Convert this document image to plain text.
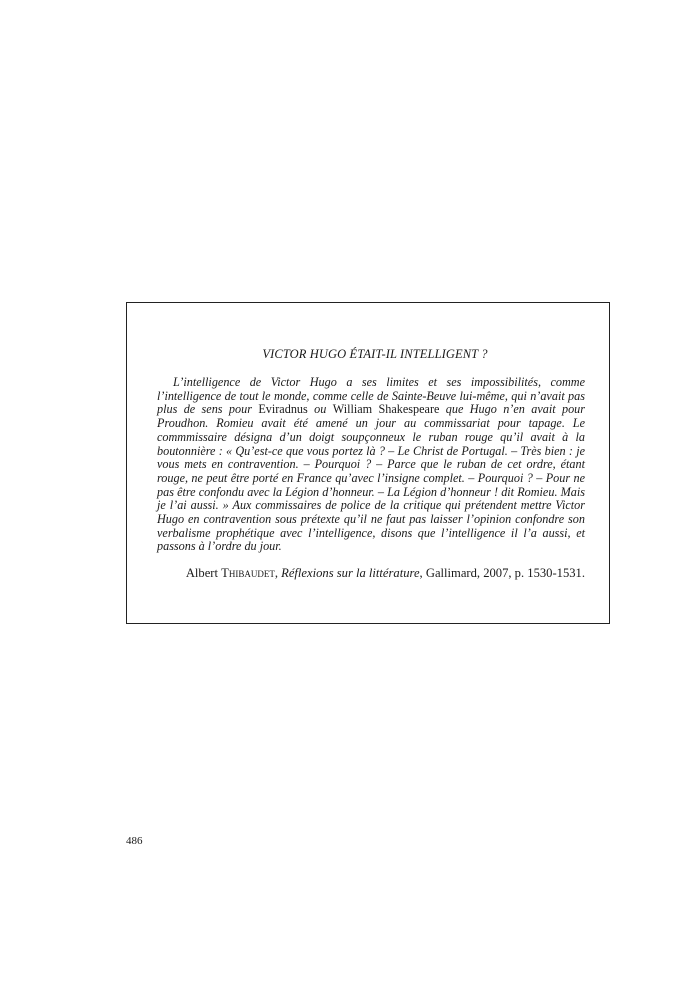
VICTOR HUGO ÉTAIT-IL INTELLIGENT ?

L’intelligence de Victor Hugo a ses limites et ses impossibilités, comme l’intelligence de tout le monde, comme celle de Sainte-Beuve lui-même, qui n’avait pas plus de sens pour Eviradnus ou William Shakespeare que Hugo n’en avait pour Proudhon. Romieu avait été amené un jour au commissariat pour tapage. Le commmissaire désigna d’un doigt soupçonneux le ruban rouge qu’il avait à la boutonnière : « Qu’est-ce que vous portez là ? – Le Christ de Portugal. – Très bien : je vous mets en contravention. – Pourquoi ? – Parce que le ruban de cet ordre, étant rouge, ne peut être porté en France qu’avec l’insigne complet. – Pourquoi ? – Pour ne pas être confondu avec la Légion d’honneur. – La Légion d’honneur ! dit Romieu. Mais je l’ai aussi. » Aux commissaires de police de la critique qui prétendent mettre Victor Hugo en contravention sous prétexte qu’il ne faut pas laisser l’opinion confondre son verbalisme prophétique avec l’intelligence, disons que l’intelligence il l’a aussi, et passons à l’ordre du jour.

Albert Thibaudet, Réflexions sur la littérature, Gallimard, 2007, p. 1530-1531.
486
